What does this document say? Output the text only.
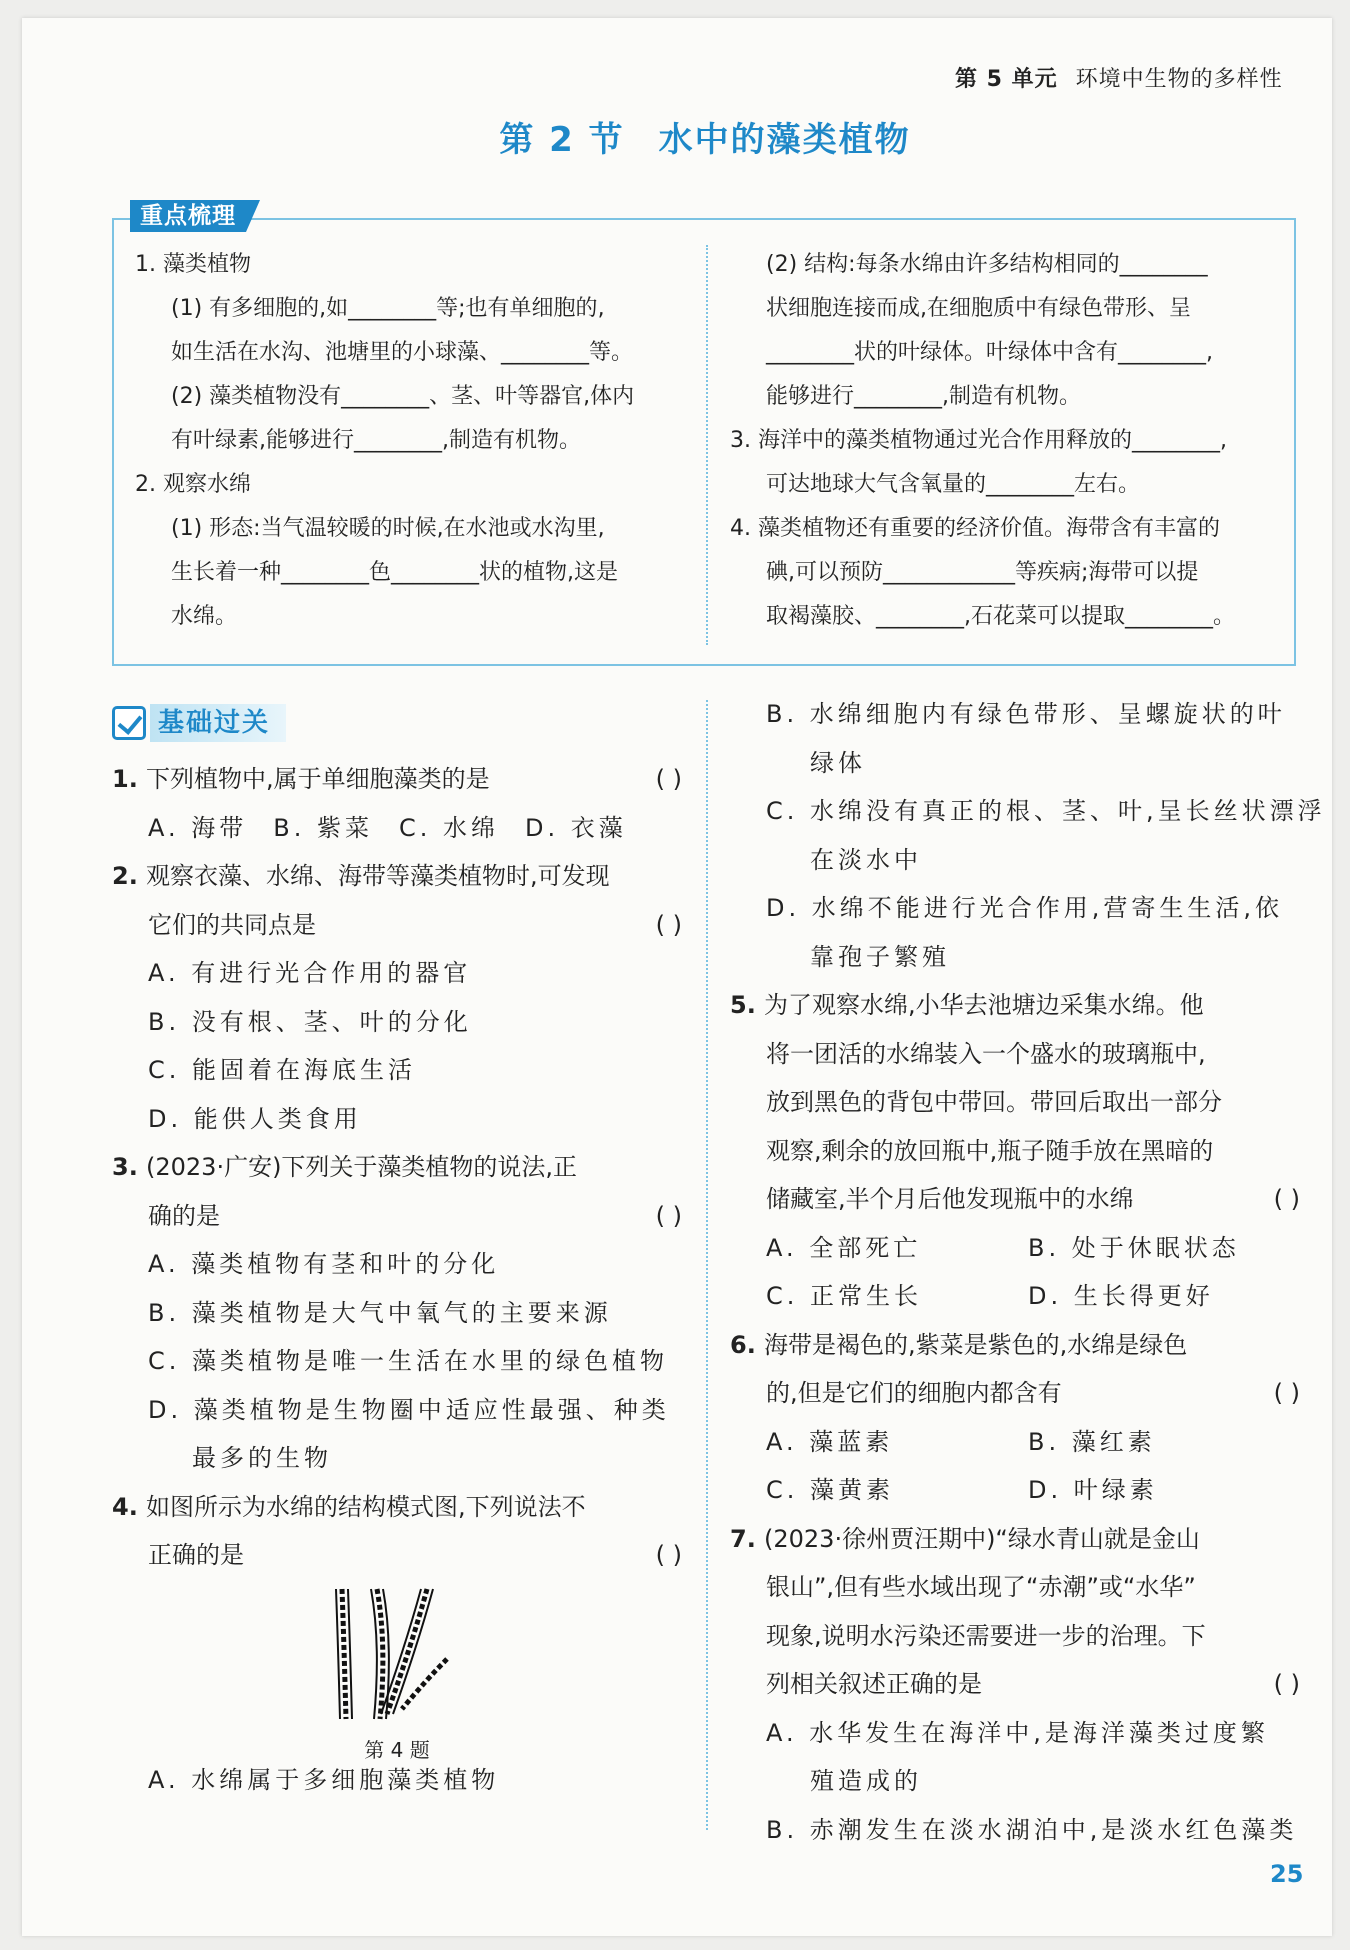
第 5 单元 环境中生物的多样性
第 2 节 水中的藻类植物
重点梳理
1. 藻类植物
(1) 有多细胞的,如________等;也有单细胞的,
如生活在水沟、池塘里的小球藻、________等。
(2) 藻类植物没有________、茎、叶等器官,体内
有叶绿素,能够进行________,制造有机物。
2. 观察水绵
(1) 形态:当气温较暖的时候,在水池或水沟里,
生长着一种________色________状的植物,这是
水绵。
(2) 结构:每条水绵由许多结构相同的________
状细胞连接而成,在细胞质中有绿色带形、呈
________状的叶绿体。叶绿体中含有________,
能够进行________,制造有机物。
3. 海洋中的藻类植物通过光合作用释放的________,
可达地球大气含氧量的________左右。
4. 藻类植物还有重要的经济价值。海带含有丰富的
碘,可以预防____________等疾病;海带可以提
取褐藻胶、________,石花菜可以提取________。
基础过关
1. 下列植物中,属于单细胞藻类的是	( )
A. 海带 B. 紫菜 C. 水绵 D. 衣藻
2. 观察衣藻、水绵、海带等藻类植物时,可发现
它们的共同点是	( )
A. 有进行光合作用的器官
B. 没有根、茎、叶的分化
C. 能固着在海底生活
D. 能供人类食用
3. (2023·广安)下列关于藻类植物的说法,正
确的是	( )
A. 藻类植物有茎和叶的分化
B. 藻类植物是大气中氧气的主要来源
C. 藻类植物是唯一生活在水里的绿色植物
D. 藻类植物是生物圈中适应性最强、种类
最多的生物
4. 如图所示为水绵的结构模式图,下列说法不
正确的是	( )
第 4 题
A. 水绵属于多细胞藻类植物
B. 水绵细胞内有绿色带形、呈螺旋状的叶
绿体
C. 水绵没有真正的根、茎、叶,呈长丝状漂浮
在淡水中
D. 水绵不能进行光合作用,营寄生生活,依
靠孢子繁殖
5. 为了观察水绵,小华去池塘边采集水绵。他
将一团活的水绵装入一个盛水的玻璃瓶中,
放到黑色的背包中带回。带回后取出一部分
观察,剩余的放回瓶中,瓶子随手放在黑暗的
储藏室,半个月后他发现瓶中的水绵	( )
A. 全部死亡	B. 处于休眠状态
C. 正常生长	D. 生长得更好
6. 海带是褐色的,紫菜是紫色的,水绵是绿色
的,但是它们的细胞内都含有	( )
A. 藻蓝素	B. 藻红素
C. 藻黄素	D. 叶绿素
7. (2023·徐州贾汪期中)“绿水青山就是金山
银山”,但有些水域出现了“赤潮”或“水华”
现象,说明水污染还需要进一步的治理。下
列相关叙述正确的是	( )
A. 水华发生在海洋中,是海洋藻类过度繁
殖造成的
B. 赤潮发生在淡水湖泊中,是淡水红色藻类
25
